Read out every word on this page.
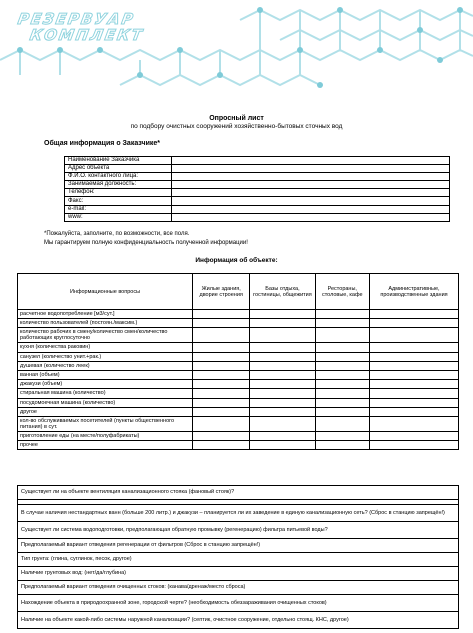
РЕЗЕРВУАР
КОМПЛЕКТ
Опросный лист
по подбору очистных сооружений хозяйственно-бытовых сточных вод
Общая информация о Заказчике*
Наименование Заказчика	
Адрес объекта	
Ф.И.О. контактного лица:	
Занимаемая должность:	
Телефон:	
Факс:	
e-mail:	
www:	
*Пожалуйста, заполните, по возможности, все поля.
Мы гарантируем полную конфиденциальность полученной информации!
Информация об объекте:
Информационные вопросы	Жилые здания, дворие строения	Базы отдыха, гостиницы, общежития	Рестораны, столовые, кафе	Административные, производственные здания
расчетное водопотребление [м3/сут.]				
количество пользователей (постоян./максим.)				
количество рабочих в смену/количество смен/количество работающих круглосуточно				
кухня (количества раковин)				
санузел (количество унит.+рак.)				
душевая (количество леек)				
ванная (объем)				
джакузи (объем)				
стиральная машина (количество)				
посудомоечная машина (количество)				
другое				
кол-во обслуживаемых посетителей (пункты общественного питания) в сут.				
приготовление еды (на месте/полуфабрикаты)				
прочее				
Существует ли на объекте вентиляция канализационного стояка (фановый стояк)?

В случае наличия нестандартных ванн (больше 200 литр.) и джакузи – планируется ли их заведение в единую канализационную сеть? (Сброс в станцию запрещён!)
Существует ли система водоподготовки, предполагающая обратную промывку (регенерацию) фильтра питьевой воды?
Предполагаемый вариант отведения регенерации от фильтров (Сброс в станцию запрещён!)
Тип грунта: (глина, суглинок, песок, другое)
Наличие грунтовых вод: (нет/да/глубина)
Предполагаемый вариант отведения очищенных стоков: (канава/дренаж/место сброса)
Нахождение объекта в природоохранной зоне, городской черте? (необходимость обеззараживания очищенных стоков)
Наличие на объекте какой-либо системы наружной канализации? (септик, очистное сооружение, отдельно стоящ. КНС, другое)
